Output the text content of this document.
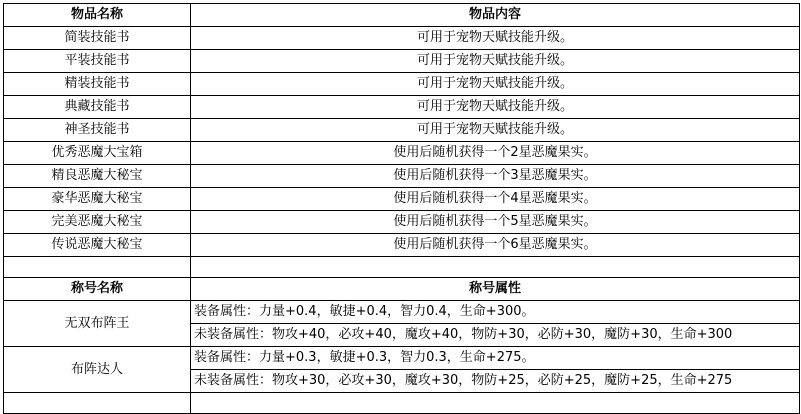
物品名称	物品内容
简装技能书	可用于宠物天赋技能升级。
平装技能书	可用于宠物天赋技能升级。
精装技能书	可用于宠物天赋技能升级。
典藏技能书	可用于宠物天赋技能升级。
神圣技能书	可用于宠物天赋技能升级。
优秀恶魔大宝箱	使用后随机获得一个2星恶魔果实。
精良恶魔大秘宝	使用后随机获得一个3星恶魔果实。
豪华恶魔大秘宝	使用后随机获得一个4星恶魔果实。
完美恶魔大秘宝	使用后随机获得一个5星恶魔果实。
传说恶魔大秘宝	使用后随机获得一个6星恶魔果实。

称号名称	称号属性
无双布阵王	装备属性：力量+0.4，敏捷+0.4，智力0.4，生命+300。
	未装备属性：物攻+40，必攻+40，魔攻+40，物防+30，必防+30，魔防+30，生命+300
布阵达人	装备属性：力量+0.3，敏捷+0.3，智力0.3，生命+275。
	未装备属性：物攻+30，必攻+30，魔攻+30，物防+25，必防+25，魔防+25，生命+275
